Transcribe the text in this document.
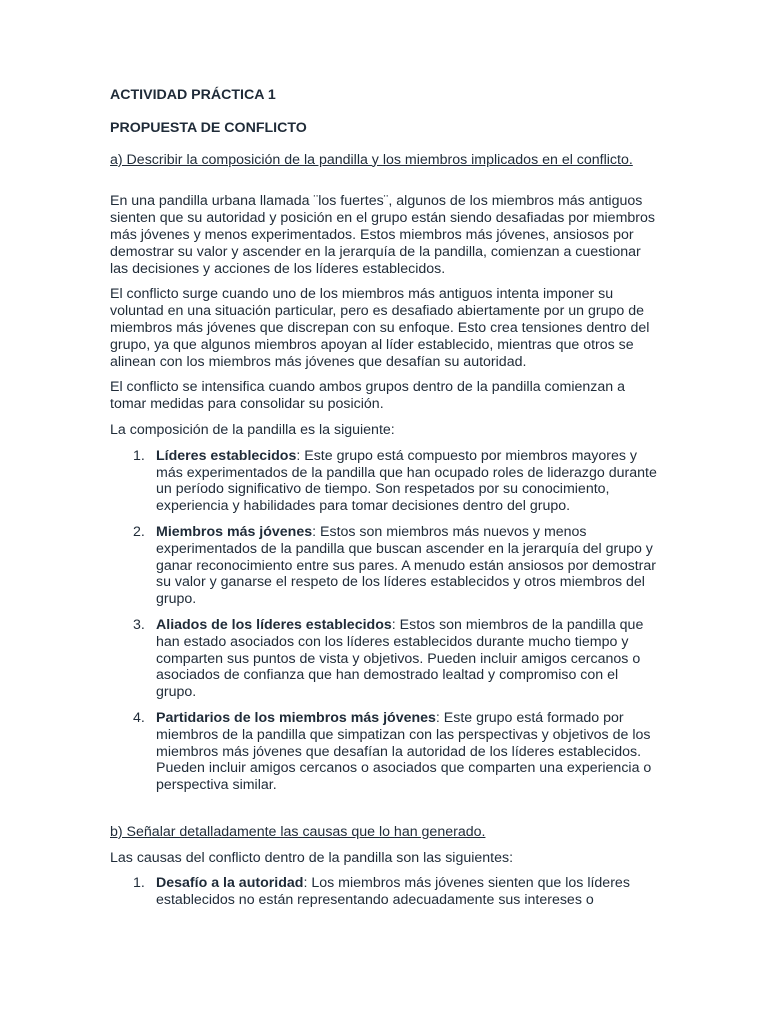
ACTIVIDAD PRÁCTICA 1

PROPUESTA DE CONFLICTO

a) Describir la composición de la pandilla y los miembros implicados en el conflicto.

En una pandilla urbana llamada ¨los fuertes¨, algunos de los miembros más antiguos sienten que su autoridad y posición en el grupo están siendo desafiadas por miembros más jóvenes y menos experimentados. Estos miembros más jóvenes, ansiosos por demostrar su valor y ascender en la jerarquía de la pandilla, comienzan a cuestionar las decisiones y acciones de los líderes establecidos.

El conflicto surge cuando uno de los miembros más antiguos intenta imponer su voluntad en una situación particular, pero es desafiado abiertamente por un grupo de miembros más jóvenes que discrepan con su enfoque. Esto crea tensiones dentro del grupo, ya que algunos miembros apoyan al líder establecido, mientras que otros se alinean con los miembros más jóvenes que desafían su autoridad.

El conflicto se intensifica cuando ambos grupos dentro de la pandilla comienzan a tomar medidas para consolidar su posición.

La composición de la pandilla es la siguiente:

1. Líderes establecidos: Este grupo está compuesto por miembros mayores y más experimentados de la pandilla que han ocupado roles de liderazgo durante un período significativo de tiempo. Son respetados por su conocimiento, experiencia y habilidades para tomar decisiones dentro del grupo.
2. Miembros más jóvenes: Estos son miembros más nuevos y menos experimentados de la pandilla que buscan ascender en la jerarquía del grupo y ganar reconocimiento entre sus pares. A menudo están ansiosos por demostrar su valor y ganarse el respeto de los líderes establecidos y otros miembros del grupo.
3. Aliados de los líderes establecidos: Estos son miembros de la pandilla que han estado asociados con los líderes establecidos durante mucho tiempo y comparten sus puntos de vista y objetivos. Pueden incluir amigos cercanos o asociados de confianza que han demostrado lealtad y compromiso con el grupo.
4. Partidarios de los miembros más jóvenes: Este grupo está formado por miembros de la pandilla que simpatizan con las perspectivas y objetivos de los miembros más jóvenes que desafían la autoridad de los líderes establecidos. Pueden incluir amigos cercanos o asociados que comparten una experiencia o perspectiva similar.

b) Señalar detalladamente las causas que lo han generado.

Las causas del conflicto dentro de la pandilla son las siguientes:

1. Desafío a la autoridad: Los miembros más jóvenes sienten que los líderes establecidos no están representando adecuadamente sus intereses o
